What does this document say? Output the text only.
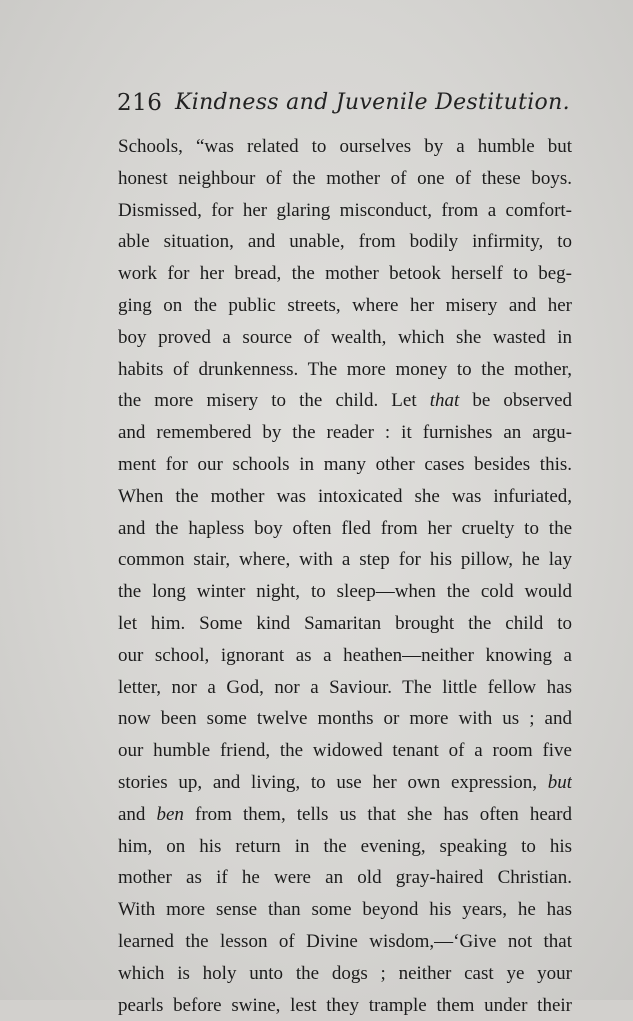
216 Kindness and Juvenile Destitution.
Schools, “was related to ourselves by a humble but
honest neighbour of the mother of one of these boys.
Dismissed, for her glaring misconduct, from a comfort-
able situation, and unable, from bodily infirmity, to
work for her bread, the mother betook herself to beg-
ging on the public streets, where her misery and her
boy proved a source of wealth, which she wasted in
habits of drunkenness. The more money to the mother,
the more misery to the child. Let that be observed
and remembered by the reader : it furnishes an argu-
ment for our schools in many other cases besides this.
When the mother was intoxicated she was infuriated,
and the hapless boy often fled from her cruelty to the
common stair, where, with a step for his pillow, he lay
the long winter night, to sleep—when the cold would
let him. Some kind Samaritan brought the child to
our school, ignorant as a heathen—neither knowing a
letter, nor a God, nor a Saviour. The little fellow has
now been some twelve months or more with us ; and
our humble friend, the widowed tenant of a room five
stories up, and living, to use her own expression, but
and ben from them, tells us that she has often heard
him, on his return in the evening, speaking to his
mother as if he were an old gray-haired Christian.
With more sense than some beyond his years, he has
learned the lesson of Divine wisdom,—‘Give not that
which is holy unto the dogs ; neither cast ye your
pearls before swine, lest they trample them under their
